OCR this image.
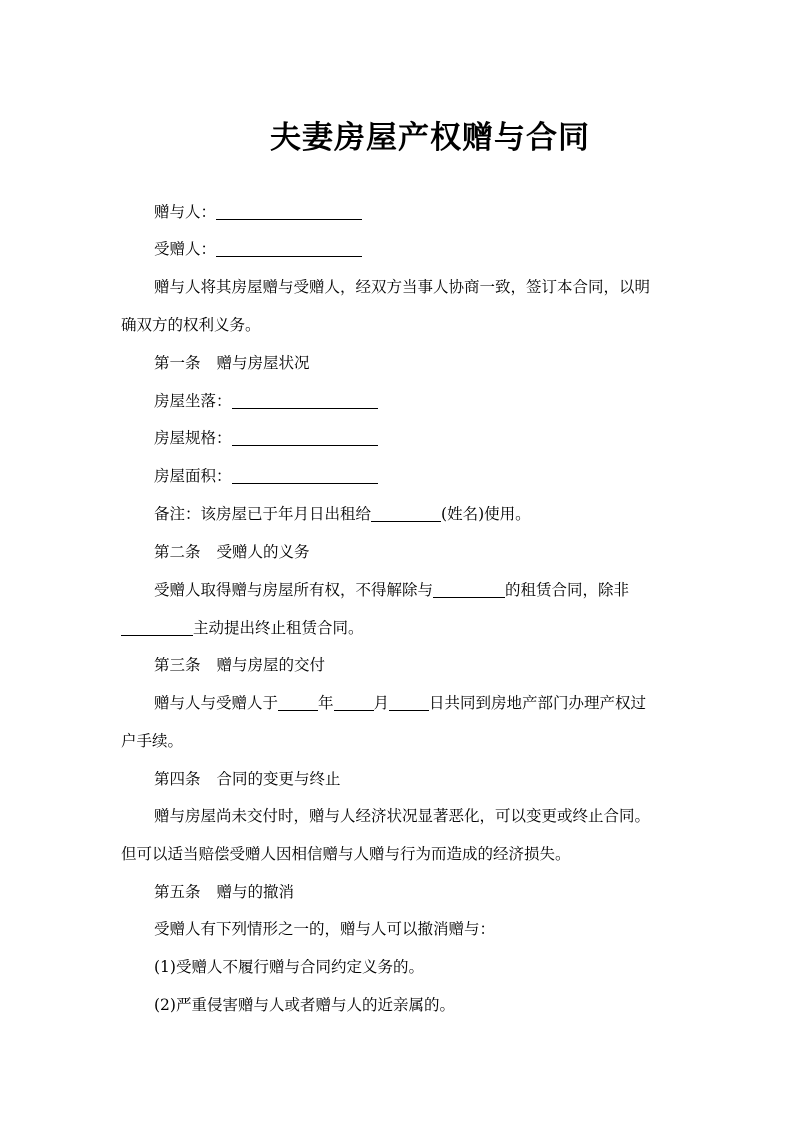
夫妻房屋产权赠与合同
赠与人：
受赠人：
赠与人将其房屋赠与受赠人，经双方当事人协商一致，签订本合同，以明
确双方的权利义务。
第一条 赠与房屋状况
房屋坐落：
房屋规格：
房屋面积：
备注：该房屋已于年月日出租给	(姓名)使用。
第二条 受赠人的义务
受赠人取得赠与房屋所有权，不得解除与	的租赁合同，除非
主动提出终止租赁合同。
第三条 赠与房屋的交付
赠与人与受赠人于	年	月	日共同到房地产部门办理产权过
户手续。
第四条 合同的变更与终止
赠与房屋尚未交付时，赠与人经济状况显著恶化，可以变更或终止合同。
但可以适当赔偿受赠人因相信赠与人赠与行为而造成的经济损失。
第五条 赠与的撤消
受赠人有下列情形之一的，赠与人可以撤消赠与：
(1)受赠人不履行赠与合同约定义务的。
(2)严重侵害赠与人或者赠与人的近亲属的。
